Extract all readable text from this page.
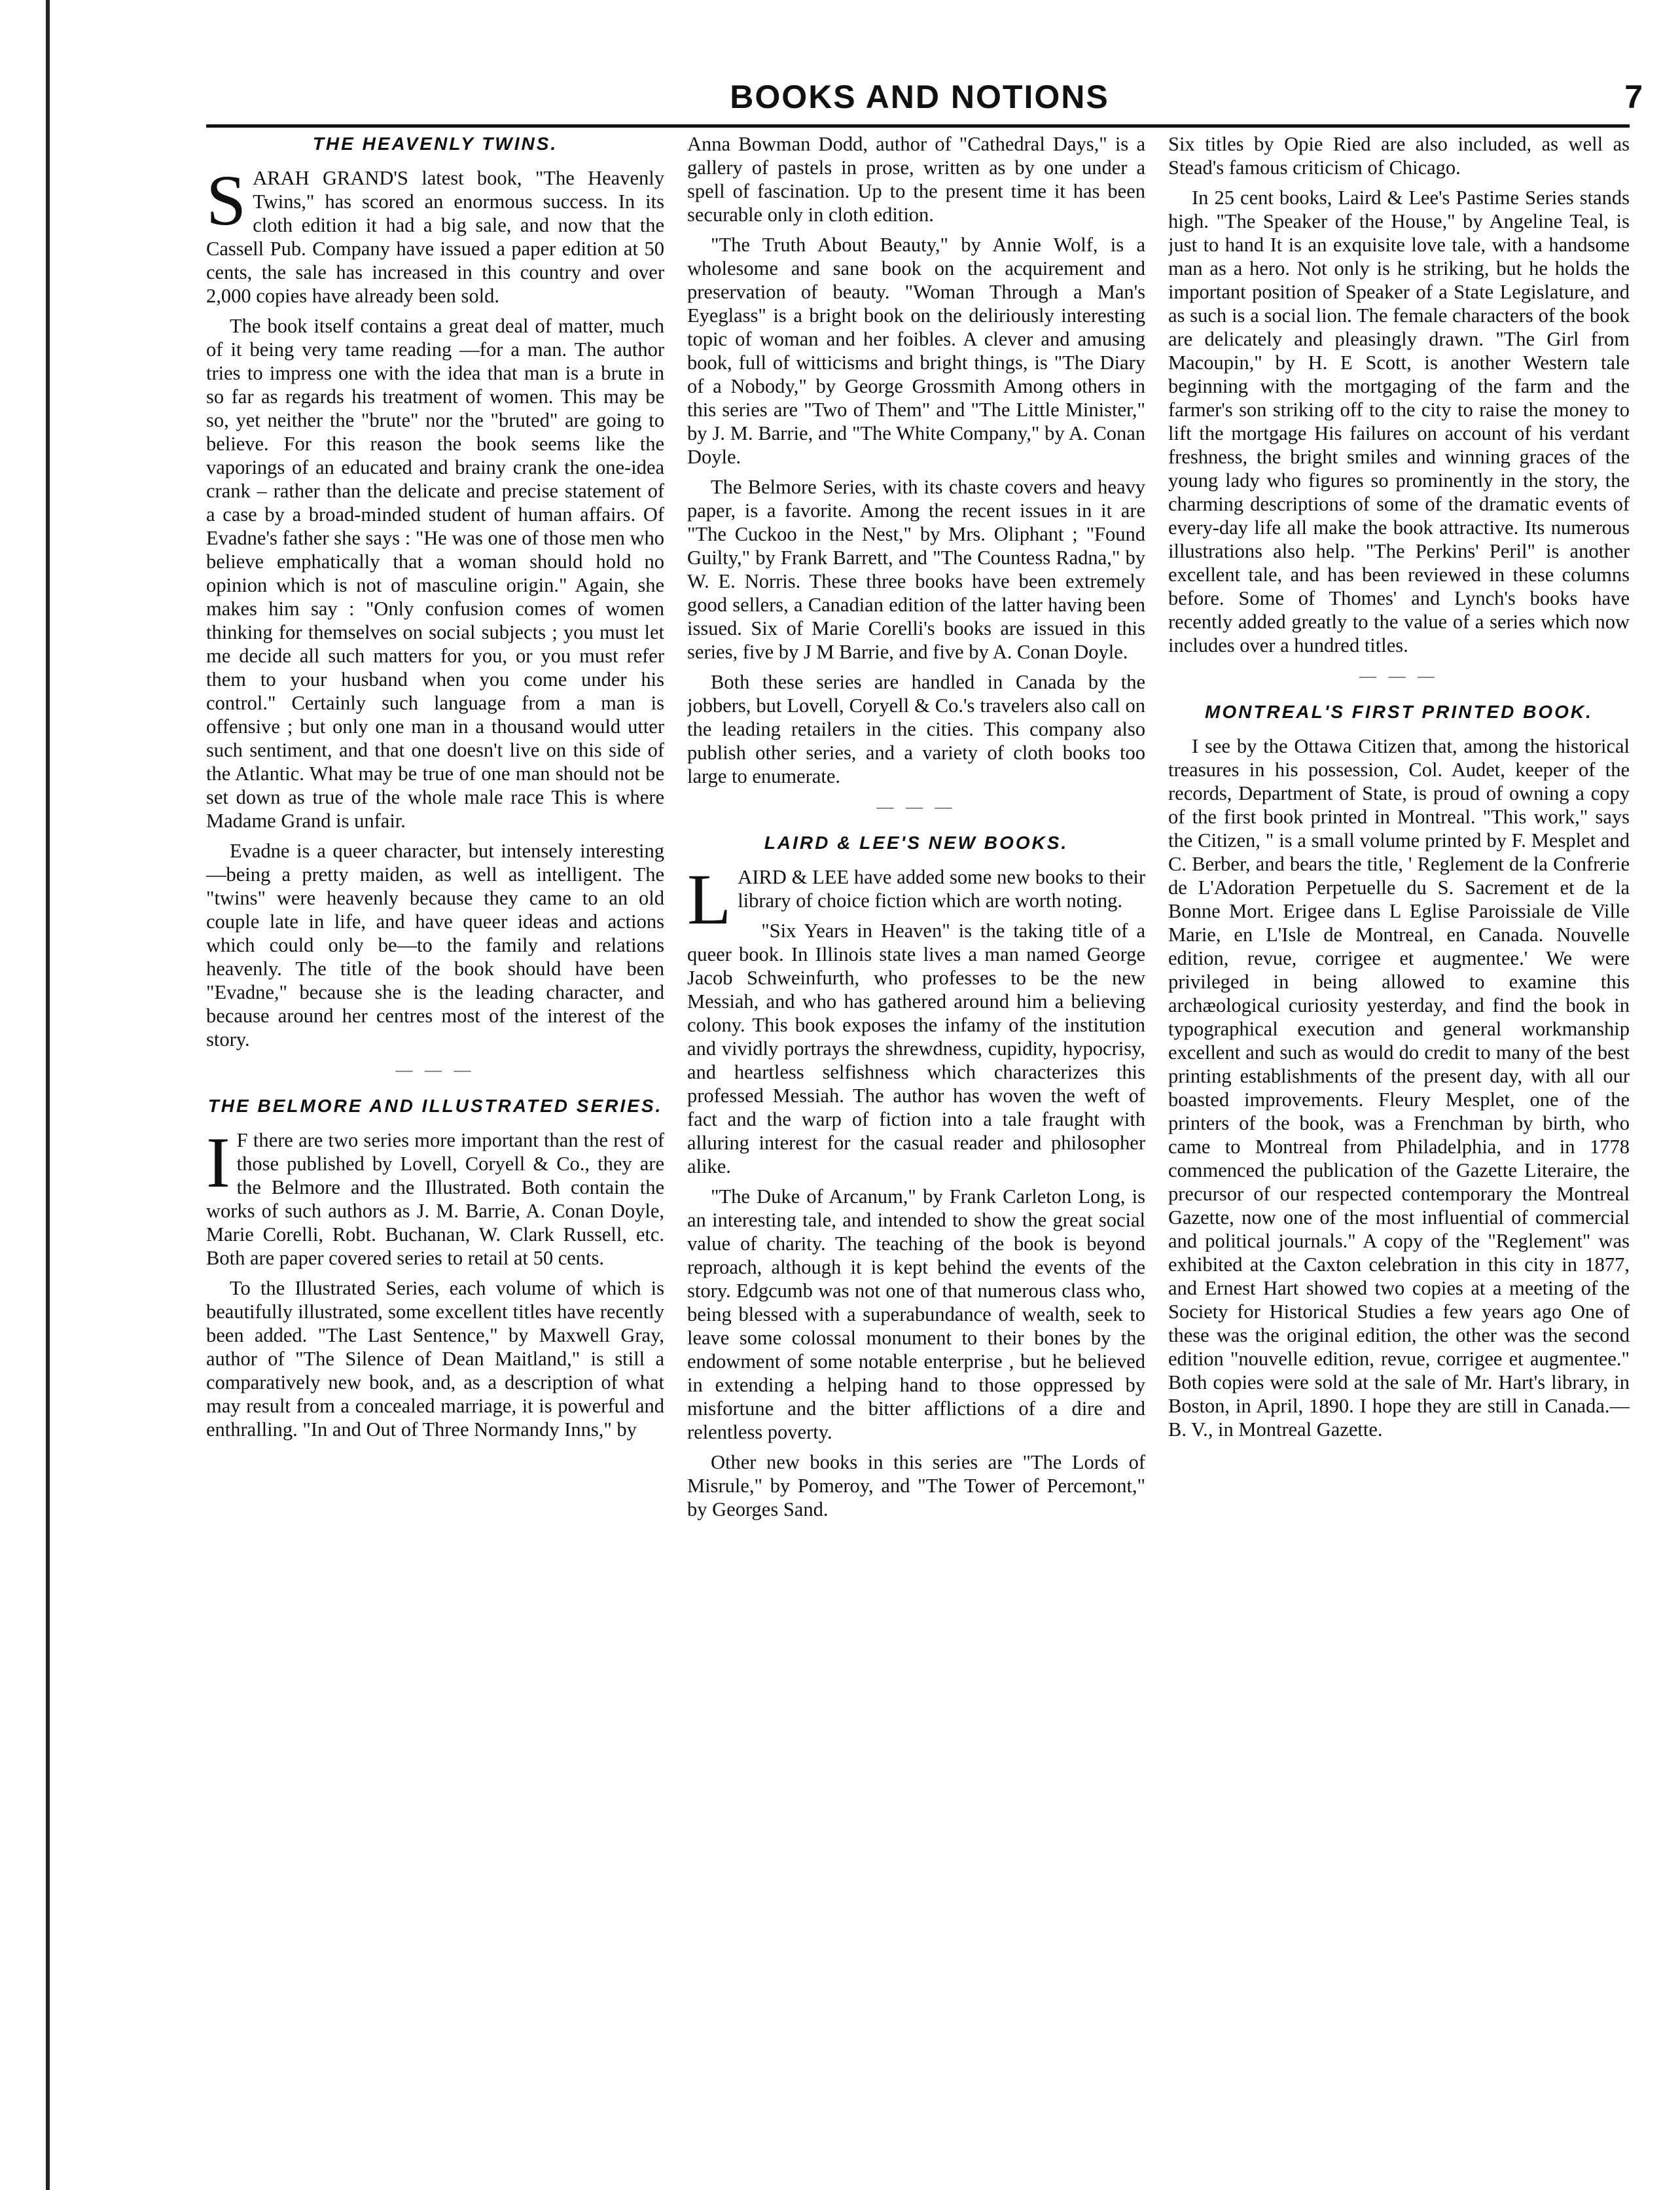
BOOKS AND NOTIONS	7
THE HEAVENLY TWINS.

SARAH GRAND'S latest book, "The Heavenly Twins," has scored an enormous success. In its cloth edition it had a big sale, and now that the Cassell Pub. Company have issued a paper edition at 50 cents, the sale has increased in this country and over 2,000 copies have already been sold.

The book itself contains a great deal of matter, much of it being very tame reading —for a man. The author tries to impress one with the idea that man is a brute in so far as regards his treatment of women. This may be so, yet neither the "brute" nor the "bruted" are going to believe. For this reason the book seems like the vaporings of an educated and brainy crank the one-idea crank – rather than the delicate and precise statement of a case by a broad-minded student of human affairs. Of Evadne's father she says : "He was one of those men who believe emphatically that a woman should hold no opinion which is not of masculine origin." Again, she makes him say : "Only confusion comes of women thinking for themselves on social subjects ; you must let me decide all such matters for you, or you must refer them to your husband when you come under his control." Certainly such language from a man is offensive ; but only one man in a thousand would utter such sentiment, and that one doesn't live on this side of the Atlantic. What may be true of one man should not be set down as true of the whole male race This is where Madame Grand is unfair.

Evadne is a queer character, but intensely interesting—being a pretty maiden, as well as intelligent. The "twins" were heavenly because they came to an old couple late in life, and have queer ideas and actions which could only be—to the family and relations heavenly. The title of the book should have been "Evadne," because she is the leading character, and because around her centres most of the interest of the story.

— — —
THE BELMORE AND ILLUSTRATED SERIES.

I F there are two series more important than the rest of those published by Lovell, Coryell & Co., they are the Belmore and the Illustrated. Both contain the works of such authors as J. M. Barrie, A. Conan Doyle, Marie Corelli, Robt. Buchanan, W. Clark Russell, etc. Both are paper covered series to retail at 50 cents.

To the Illustrated Series, each volume of which is beautifully illustrated, some excellent titles have recently been added. "The Last Sentence," by Maxwell Gray, author of "The Silence of Dean Maitland," is still a comparatively new book, and, as a description of what may result from a concealed marriage, it is powerful and enthralling. "In and Out of Three Normandy Inns," by

Anna Bowman Dodd, author of "Cathedral Days," is a gallery of pastels in prose, written as by one under a spell of fascination. Up to the present time it has been securable only in cloth edition.

"The Truth About Beauty," by Annie Wolf, is a wholesome and sane book on the acquirement and preservation of beauty. "Woman Through a Man's Eyeglass" is a bright book on the deliriously interesting topic of woman and her foibles. A clever and amusing book, full of witticisms and bright things, is "The Diary of a Nobody," by George Grossmith Among others in this series are "Two of Them" and "The Little Minister," by J. M. Barrie, and "The White Company," by A. Conan Doyle.

The Belmore Series, with its chaste covers and heavy paper, is a favorite. Among the recent issues in it are "The Cuckoo in the Nest," by Mrs. Oliphant ; "Found Guilty," by Frank Barrett, and "The Countess Radna," by W. E. Norris. These three books have been extremely good sellers, a Canadian edition of the latter having been issued. Six of Marie Corelli's books are issued in this series, five by J M Barrie, and five by A. Conan Doyle.

Both these series are handled in Canada by the jobbers, but Lovell, Coryell & Co.'s travelers also call on the leading retailers in the cities. This company also publish other series, and a variety of cloth books too large to enumerate.

— — —
LAIRD & LEE'S NEW BOOKS.

LAIRD & LEE have added some new books to their library of choice fiction which are worth noting.

"Six Years in Heaven" is the taking title of a queer book. In Illinois state lives a man named George Jacob Schweinfurth, who professes to be the new Messiah, and who has gathered around him a believing colony. This book exposes the infamy of the institution and vividly portrays the shrewdness, cupidity, hypocrisy, and heartless selfishness which characterizes this professed Messiah. The author has woven the weft of fact and the warp of fiction into a tale fraught with alluring interest for the casual reader and philosopher alike.

"The Duke of Arcanum," by Frank Carleton Long, is an interesting tale, and intended to show the great social value of charity. The teaching of the book is beyond reproach, although it is kept behind the events of the story. Edgcumb was not one of that numerous class who, being blessed with a superabundance of wealth, seek to leave some colossal monument to their bones by the endowment of some notable enterprise , but he believed in extending a helping hand to those oppressed by misfortune and the bitter afflictions of a dire and relentless poverty.

Other new books in this series are "The Lords of Misrule," by Pomeroy, and "The Tower of Percemont," by Georges Sand.

Six titles by Opie Ried are also included, as well as Stead's famous criticism of Chicago.

In 25 cent books, Laird & Lee's Pastime Series stands high. "The Speaker of the House," by Angeline Teal, is just to hand It is an exquisite love tale, with a handsome man as a hero. Not only is he striking, but he holds the important position of Speaker of a State Legislature, and as such is a social lion. The female characters of the book are delicately and pleasingly drawn. "The Girl from Macoupin," by H. E Scott, is another Western tale beginning with the mortgaging of the farm and the farmer's son striking off to the city to raise the money to lift the mortgage His failures on account of his verdant freshness, the bright smiles and winning graces of the young lady who figures so prominently in the story, the charming descriptions of some of the dramatic events of every-day life all make the book attractive. Its numerous illustrations also help. "The Perkins' Peril" is another excellent tale, and has been reviewed in these columns before. Some of Thomes' and Lynch's books have recently added greatly to the value of a series which now includes over a hundred titles.

— — —
MONTREAL'S FIRST PRINTED BOOK.

I see by the Ottawa Citizen that, among the historical treasures in his possession, Col. Audet, keeper of the records, Department of State, is proud of owning a copy of the first book printed in Montreal. "This work," says the Citizen, " is a small volume printed by F. Mesplet and C. Berber, and bears the title, ' Reglement de la Confrerie de L'Adoration Perpetuelle du S. Sacrement et de la Bonne Mort. Erigee dans L Eglise Paroissiale de Ville Marie, en L'Isle de Montreal, en Canada. Nouvelle edition, revue, corrigee et augmentee.' We were privileged in being allowed to examine this archæological curiosity yesterday, and find the book in typographical execution and general workmanship excellent and such as would do credit to many of the best printing establishments of the present day, with all our boasted improvements. Fleury Mesplet, one of the printers of the book, was a Frenchman by birth, who came to Montreal from Philadelphia, and in 1778 commenced the publication of the Gazette Literaire, the precursor of our respected contemporary the Montreal Gazette, now one of the most influential of commercial and political journals." A copy of the "Reglement" was exhibited at the Caxton celebration in this city in 1877, and Ernest Hart showed two copies at a meeting of the Society for Historical Studies a few years ago One of these was the original edition, the other was the second edition "nouvelle edition, revue, corrigee et augmentee." Both copies were sold at the sale of Mr. Hart's library, in Boston, in April, 1890. I hope they are still in Canada.—B. V., in Montreal Gazette.
